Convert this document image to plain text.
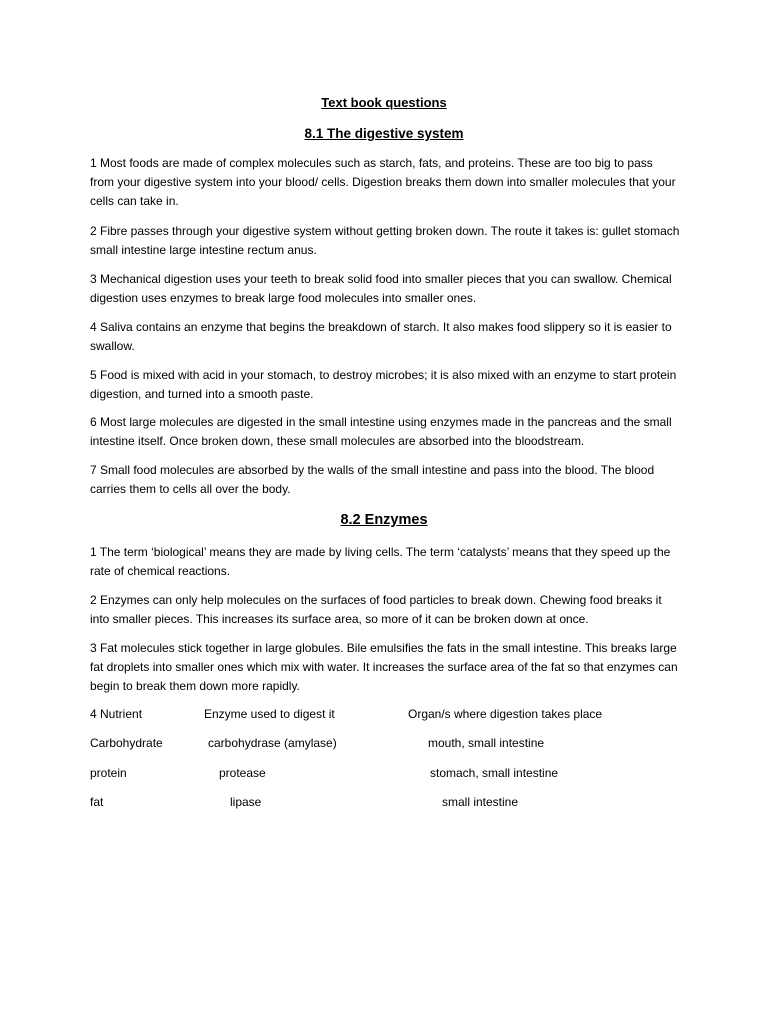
Text book questions

8.1 The digestive system

1 Most foods are made of complex molecules such as starch, fats, and proteins. These are too big to pass from your digestive system into your blood/ cells. Digestion breaks them down into smaller molecules that your cells can take in.

2 Fibre passes through your digestive system without getting broken down. The route it takes is: gullet stomach small intestine large intestine rectum anus.

3 Mechanical digestion uses your teeth to break solid food into smaller pieces that you can swallow. Chemical digestion uses enzymes to break large food molecules into smaller ones.

4 Saliva contains an enzyme that begins the breakdown of starch. It also makes food slippery so it is easier to swallow.

5 Food is mixed with acid in your stomach, to destroy microbes; it is also mixed with an enzyme to start protein digestion, and turned into a smooth paste.

6 Most large molecules are digested in the small intestine using enzymes made in the pancreas and the small intestine itself. Once broken down, these small molecules are absorbed into the bloodstream.

7 Small food molecules are absorbed by the walls of the small intestine and pass into the blood. The blood carries them to cells all over the body.

8.2 Enzymes

1 The term ‘biological’ means they are made by living cells. The term ‘catalysts’ means that they speed up the rate of chemical reactions.

2 Enzymes can only help molecules on the surfaces of food particles to break down. Chewing food breaks it into smaller pieces. This increases its surface area, so more of it can be broken down at once.

3 Fat molecules stick together in large globules. Bile emulsifies the fats in the small intestine. This breaks large fat droplets into smaller ones which mix with water. It increases the surface area of the fat so that enzymes can begin to break them down more rapidly.

4 Nutrient	Enzyme used to digest it	Organ/s where digestion takes place
Carbohydrate	carbohydrase (amylase)	mouth, small intestine
protein	protease	stomach, small intestine
fat	lipase	small intestine
